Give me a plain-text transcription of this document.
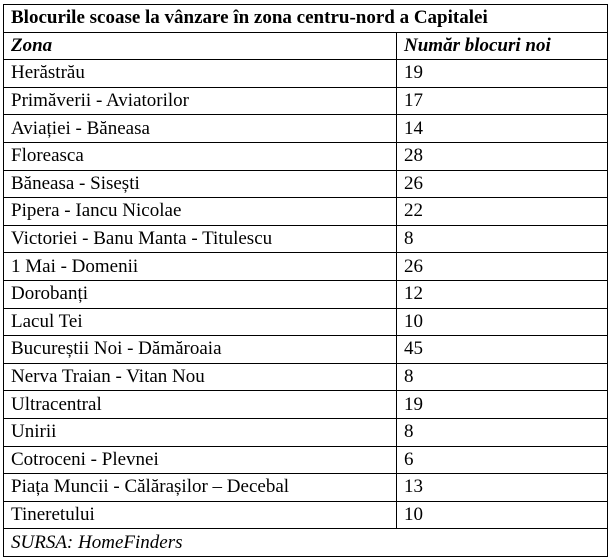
Blocurile scoase la vânzare în zona centru-nord a Capitalei	
Zona	Număr blocuri noi
Herăstrău	19
Primăverii - Aviatorilor	17
Aviației - Băneasa	14
Floreasca	28
Băneasa - Sisești	26
Pipera - Iancu Nicolae	22
Victoriei - Banu Manta - Titulescu	8
1 Mai - Domenii	26
Dorobanți	12
Lacul Tei	10
Bucureștii Noi - Dămăroaia	45
Nerva Traian - Vitan Nou	8
Ultracentral	19
Unirii	8
Cotroceni - Plevnei	6
Piața Muncii - Călărașilor – Decebal	13
Tineretului	10
SURSA: HomeFinders	
